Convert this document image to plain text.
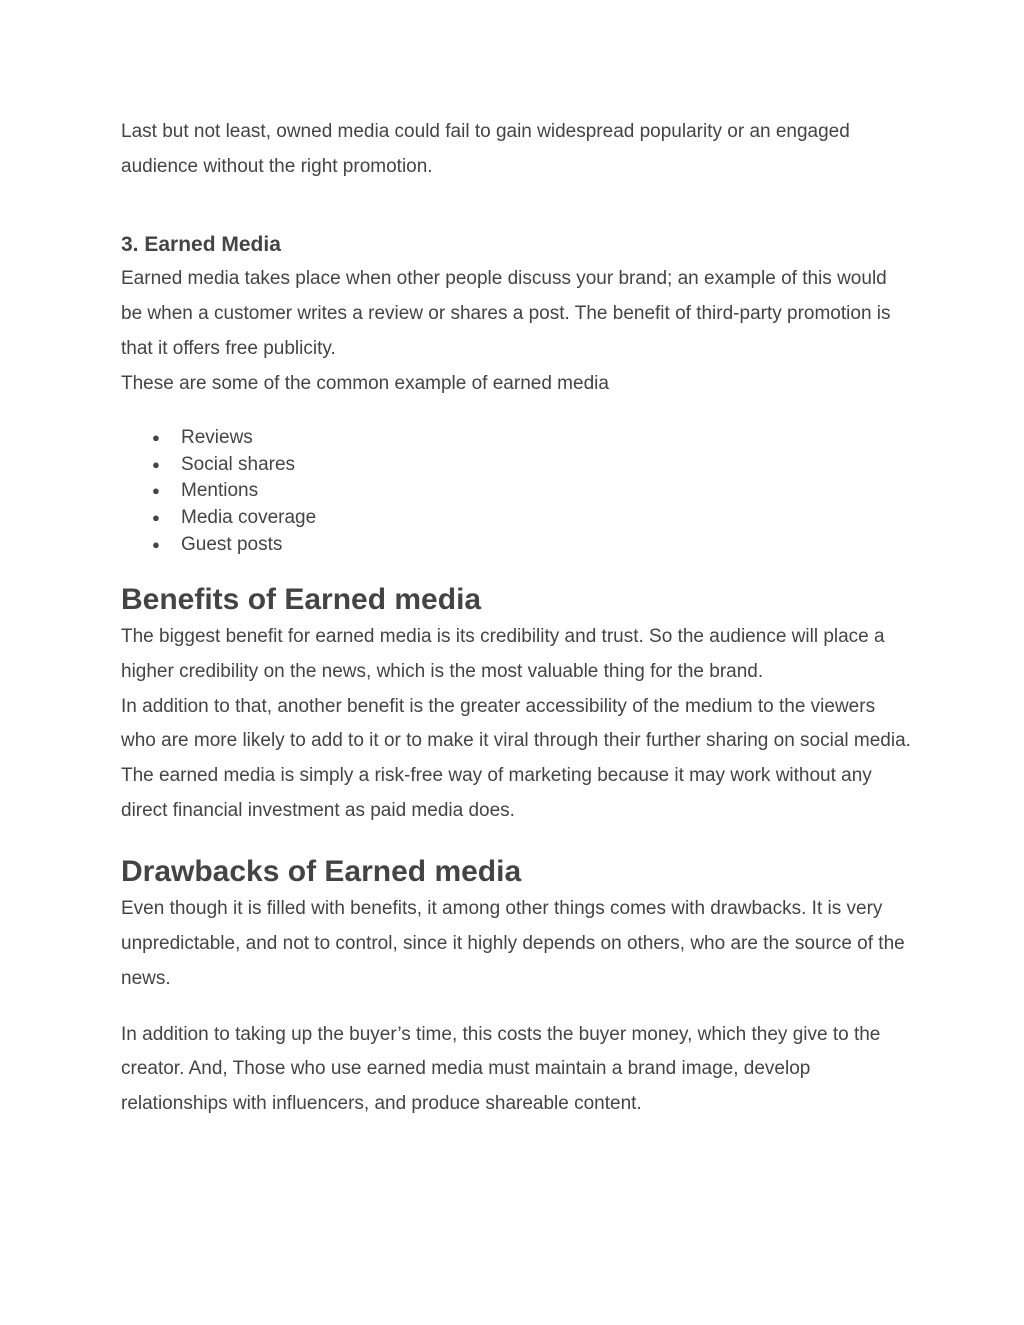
Last but not least, owned media could fail to gain widespread popularity or an engaged audience without the right promotion.

3. Earned Media

Earned media takes place when other people discuss your brand; an example of this would be when a customer writes a review or shares a post. The benefit of third-party promotion is that it offers free publicity.

These are some of the common example of earned media

● Reviews
● Social shares
● Mentions
● Media coverage
● Guest posts
Benefits of Earned media

The biggest benefit for earned media is its credibility and trust. So the audience will place a higher credibility on the news, which is the most valuable thing for the brand.

In addition to that, another benefit is the greater accessibility of the medium to the viewers who are more likely to add to it or to make it viral through their further sharing on social media.

The earned media is simply a risk-free way of marketing because it may work without any direct financial investment as paid media does.

Drawbacks of Earned media

Even though it is filled with benefits, it among other things comes with drawbacks. It is very unpredictable, and not to control, since it highly depends on others, who are the source of the news.

In addition to taking up the buyer’s time, this costs the buyer money, which they give to the creator. And, Those who use earned media must maintain a brand image, develop relationships with influencers, and produce shareable content.
